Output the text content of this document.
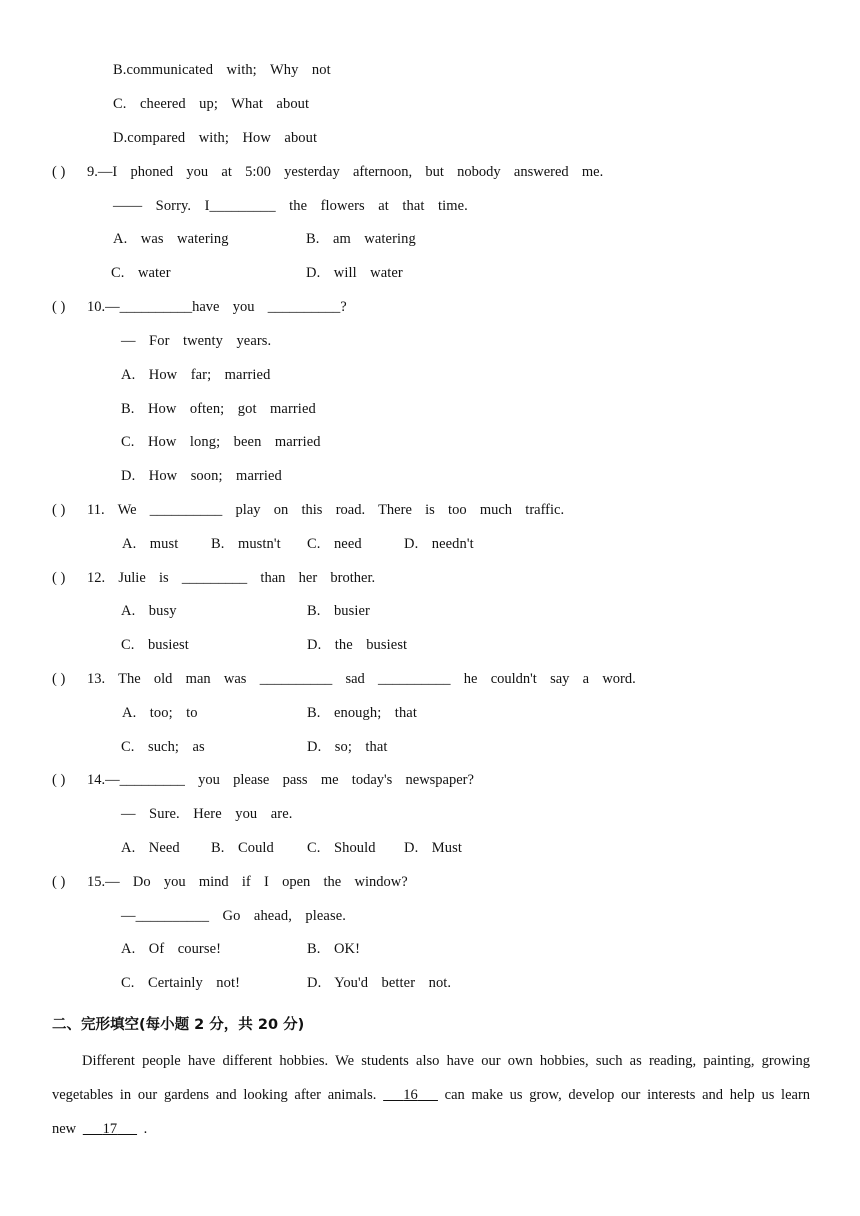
B.communicated  with;  Why  not
C.  cheered  up;  What  about
D.compared  with;  How  about
( ) 9.—I  phoned  you  at  5:00  yesterday  afternoon,  but  nobody  answered  me.
——  Sorry.  I_________  the  flowers  at  that  time.
A.  was  watering	B.  am  watering
C.  water	D.  will  water
( ) 10.—__________have  you  __________?
—  For  twenty  years.
A.  How  far;  married
B.  How  often;  got  married
C.  How  long;  been  married
D.  How  soon;  married
( ) 11.  We  __________  play  on  this  road.  There  is  too  much  traffic.
A.  must B.  mustn't C.  need	D.  needn't
( ) 12.  Julie  is  _________  than  her  brother.
A.  busy	B.  busier
C.  busiest	D.  the  busiest
( ) 13.  The  old  man  was  __________  sad  __________  he  couldn't  say  a  word.
A.  too;  to	B.  enough;  that
C.  such;  as	D.  so;  that
( ) 14.—_________  you  please  pass  me  today's  newspaper?
—  Sure.  Here  you  are.
A.  Need B.  Could C.  Should D.  Must
( ) 15.—  Do  you  mind  if  I  open  the  window?
—__________  Go  ahead,  please.
A.  Of  course!	B.  OK!
C.  Certainly  not!	D.  You'd  better  not.
二、完形填空(每小题 2 分，共 20 分)
Different people have different hobbies. We students also have our own hobbies, such as reading, painting, growing vegetables in our gardens and looking after animals. 16 can make us grow, develop our interests and help us learn new 17 .
